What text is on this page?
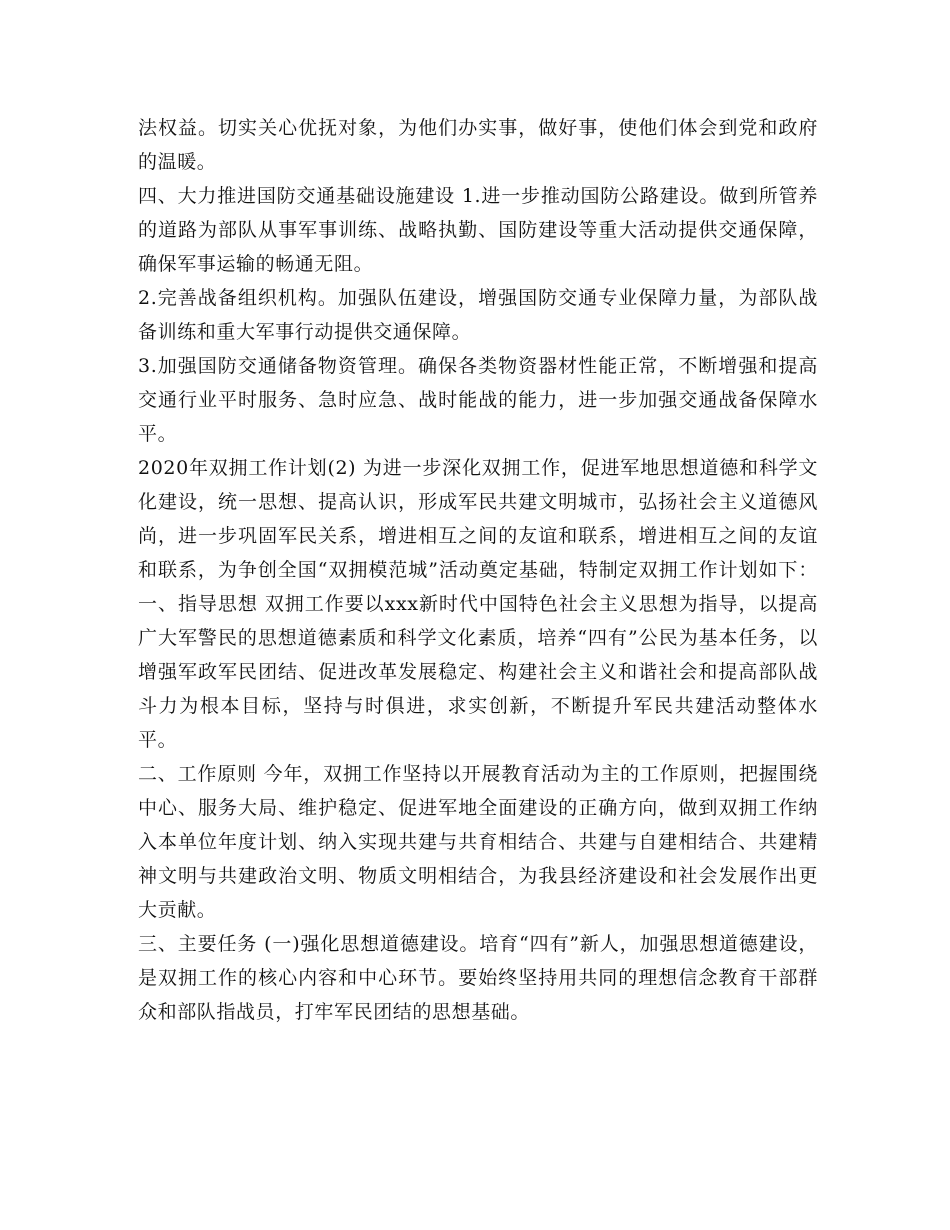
法权益。切实关心优抚对象，为他们办实事，做好事，使他们体会到党和政府的温暖。

四、大力推进国防交通基础设施建设 1.进一步推动国防公路建设。做到所管养的道路为部队从事军事训练、战略执勤、国防建设等重大活动提供交通保障，确保军事运输的畅通无阻。

2.完善战备组织机构。加强队伍建设，增强国防交通专业保障力量，为部队战备训练和重大军事行动提供交通保障。

3.加强国防交通储备物资管理。确保各类物资器材性能正常，不断增强和提高交通行业平时服务、急时应急、战时能战的能力，进一步加强交通战备保障水平。

2020年双拥工作计划(2) 为进一步深化双拥工作，促进军地思想道德和科学文化建设，统一思想、提高认识，形成军民共建文明城市，弘扬社会主义道德风尚，进一步巩固军民关系，增进相互之间的友谊和联系，增进相互之间的友谊和联系，为争创全国“双拥模范城”活动奠定基础，特制定双拥工作计划如下： 一、指导思想 双拥工作要以xxx新时代中国特色社会主义思想为指导，以提高广大军警民的思想道德素质和科学文化素质，培养“四有”公民为基本任务，以增强军政军民团结、促进改革发展稳定、构建社会主义和谐社会和提高部队战斗力为根本目标，坚持与时俱进，求实创新，不断提升军民共建活动整体水平。

二、工作原则 今年，双拥工作坚持以开展教育活动为主的工作原则，把握围绕中心、服务大局、维护稳定、促进军地全面建设的正确方向，做到双拥工作纳入本单位年度计划、纳入实现共建与共育相结合、共建与自建相结合、共建精神文明与共建政治文明、物质文明相结合，为我县经济建设和社会发展作出更大贡献。

三、主要任务 (一)强化思想道德建设。培育“四有”新人，加强思想道德建设，是双拥工作的核心内容和中心环节。要始终坚持用共同的理想信念教育干部群众和部队指战员，打牢军民团结的思想基础。
